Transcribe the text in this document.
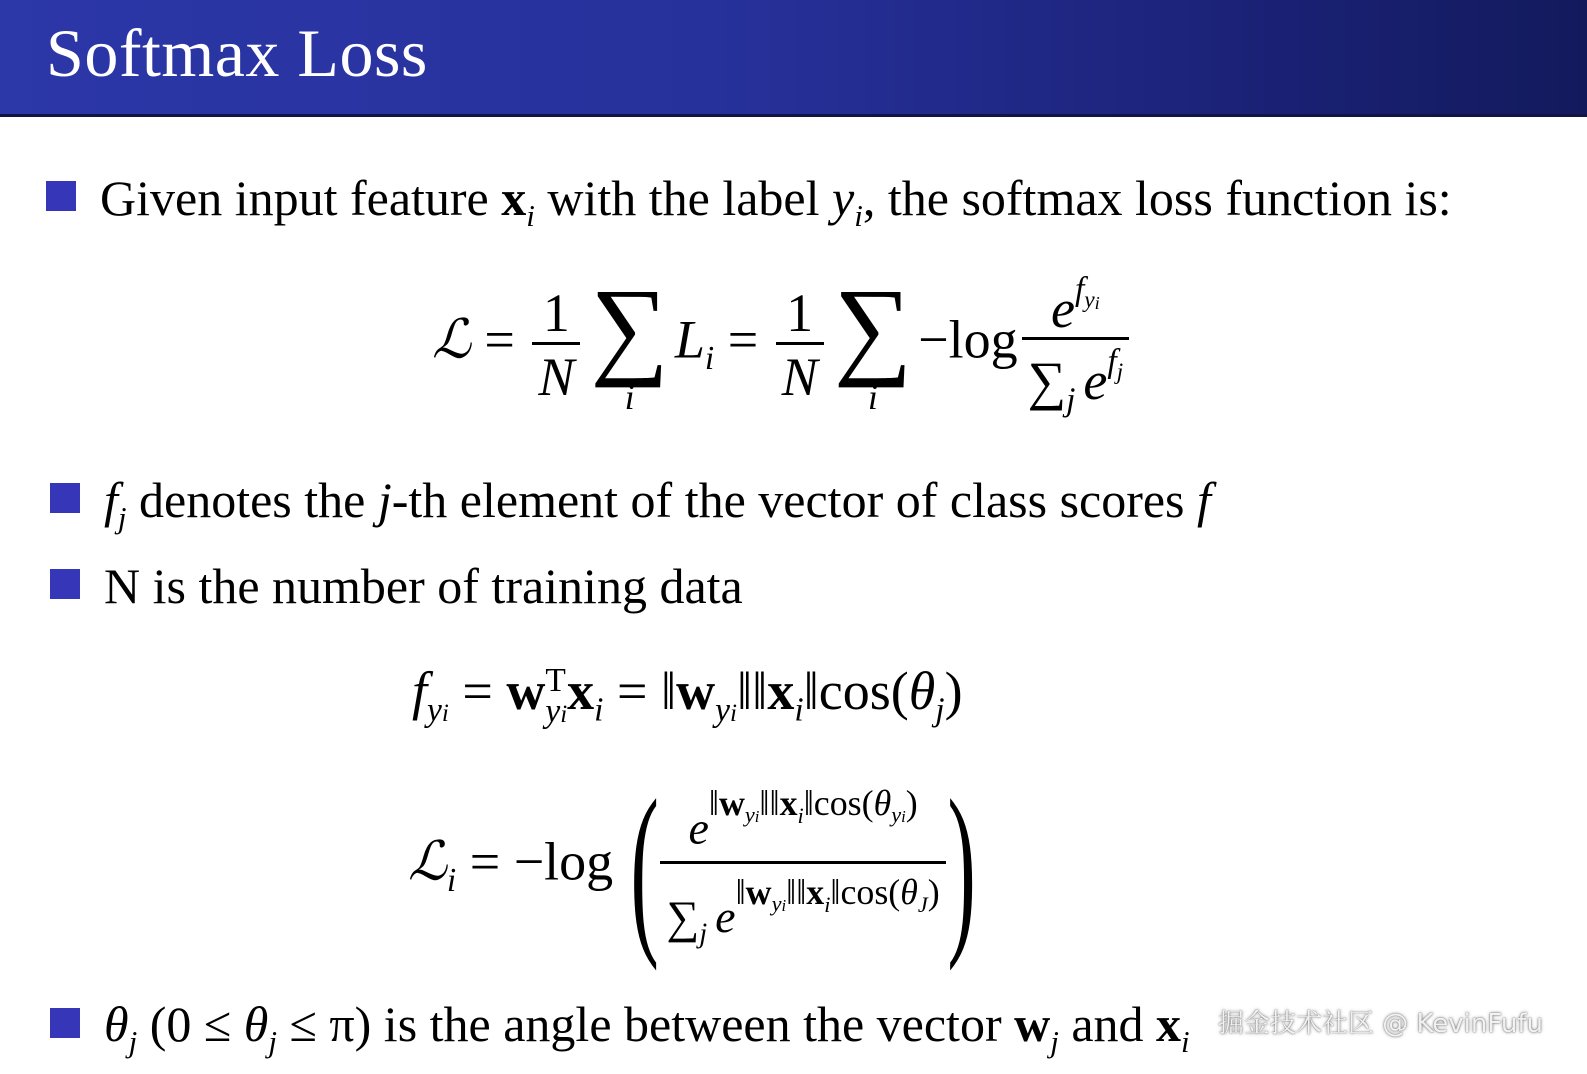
Softmax Loss
Given input feature $x_i$ with the label $y_i$, the softmax loss function is:
ℒ = $\frac{1}{N}$ ∑
i
$L_i = \frac{1}{N}$ ∑
i
$-\log \frac{e^{f_{yi}}}{\sum_j e^{f_j}}$
$f_j$ denotes the j-th element of the vector of class scores f
N is the number of training data
$f_{yi} = w$ T
yi $x_i$ = $‖w_{yi}‖‖x_i‖\cos(\theta_j)$
ℒ$_i$ = $-\log( \frac{e^{‖w_{yi}‖‖x_i‖cos(\theta_{yi})}}{\sum_j e^{‖w_{yi}‖‖x_i‖cos(\theta_J)}}$ )
$\theta_j$ $(0 \le \theta_j \le \pi)$ is the angle between the vector $w_j$ and $x_i$ 掘金技术社区 @ KevinFufu
